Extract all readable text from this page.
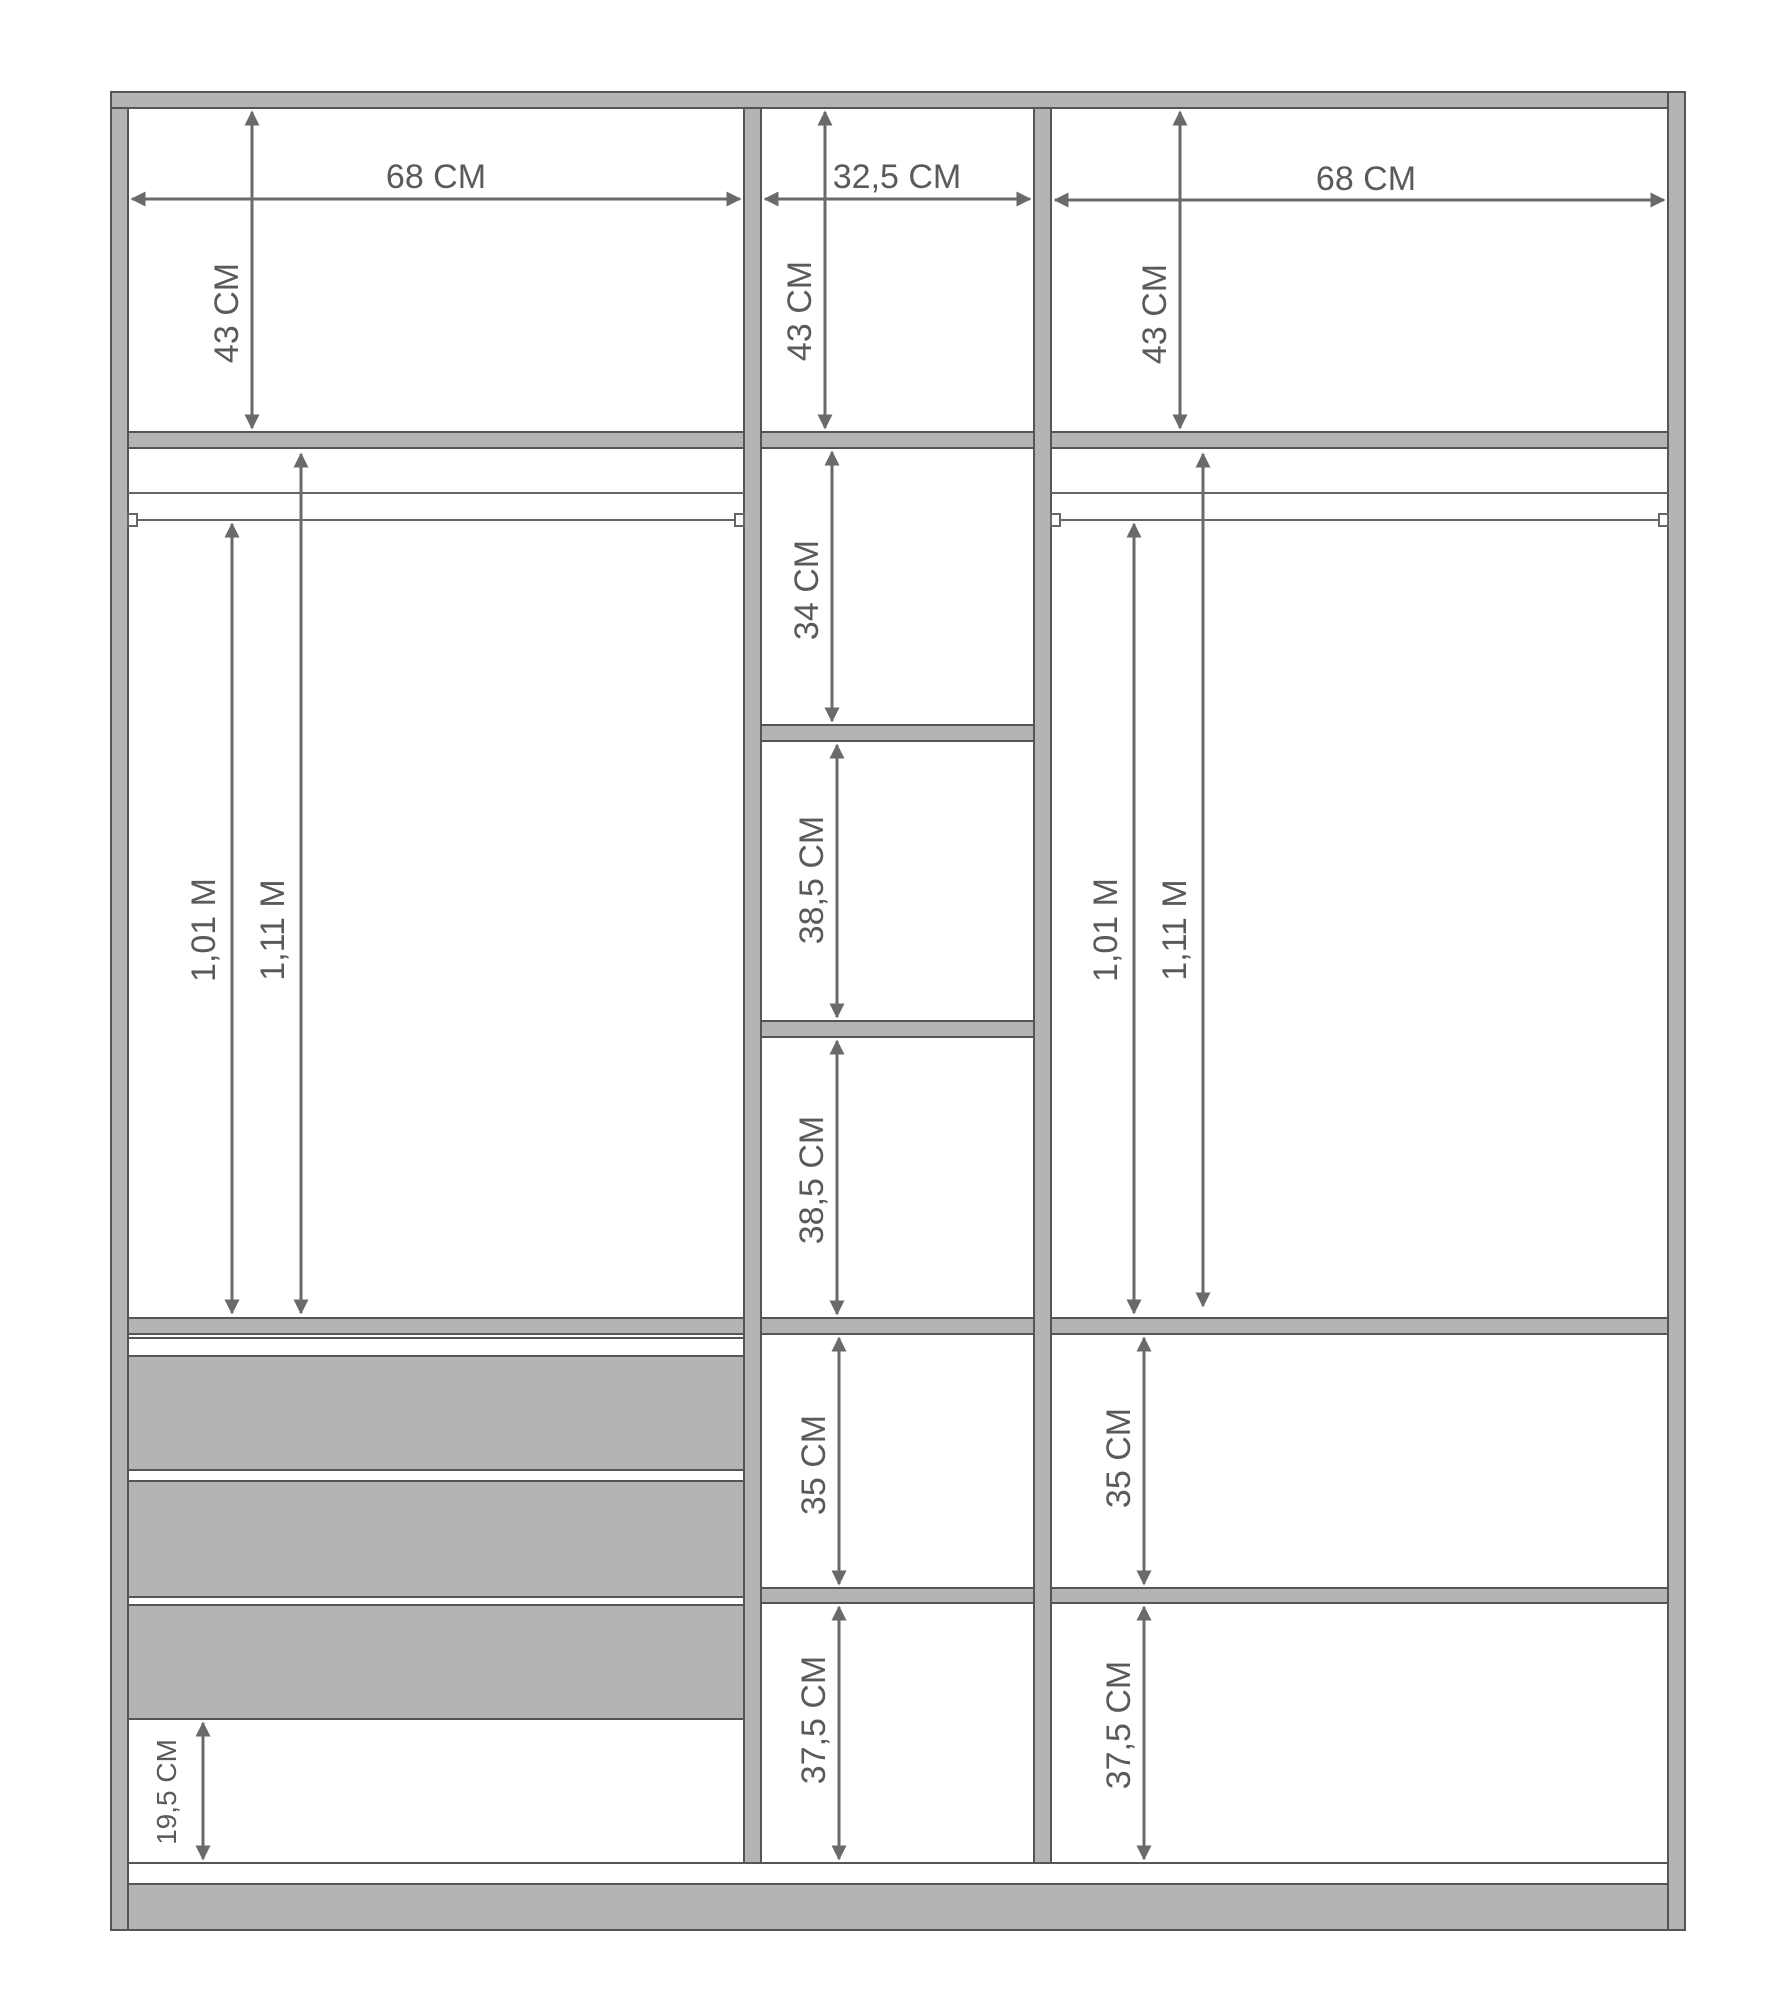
68 CM	32,5 CM	68 CM
43 CM	43 CM	43 CM
1,01 M 1,11 M
34 CM
38,5 CM
38,5 CM
1,01 M 1,11 M
35 CM	35 CM
37,5 CM	37,5 CM
19,5 CM
